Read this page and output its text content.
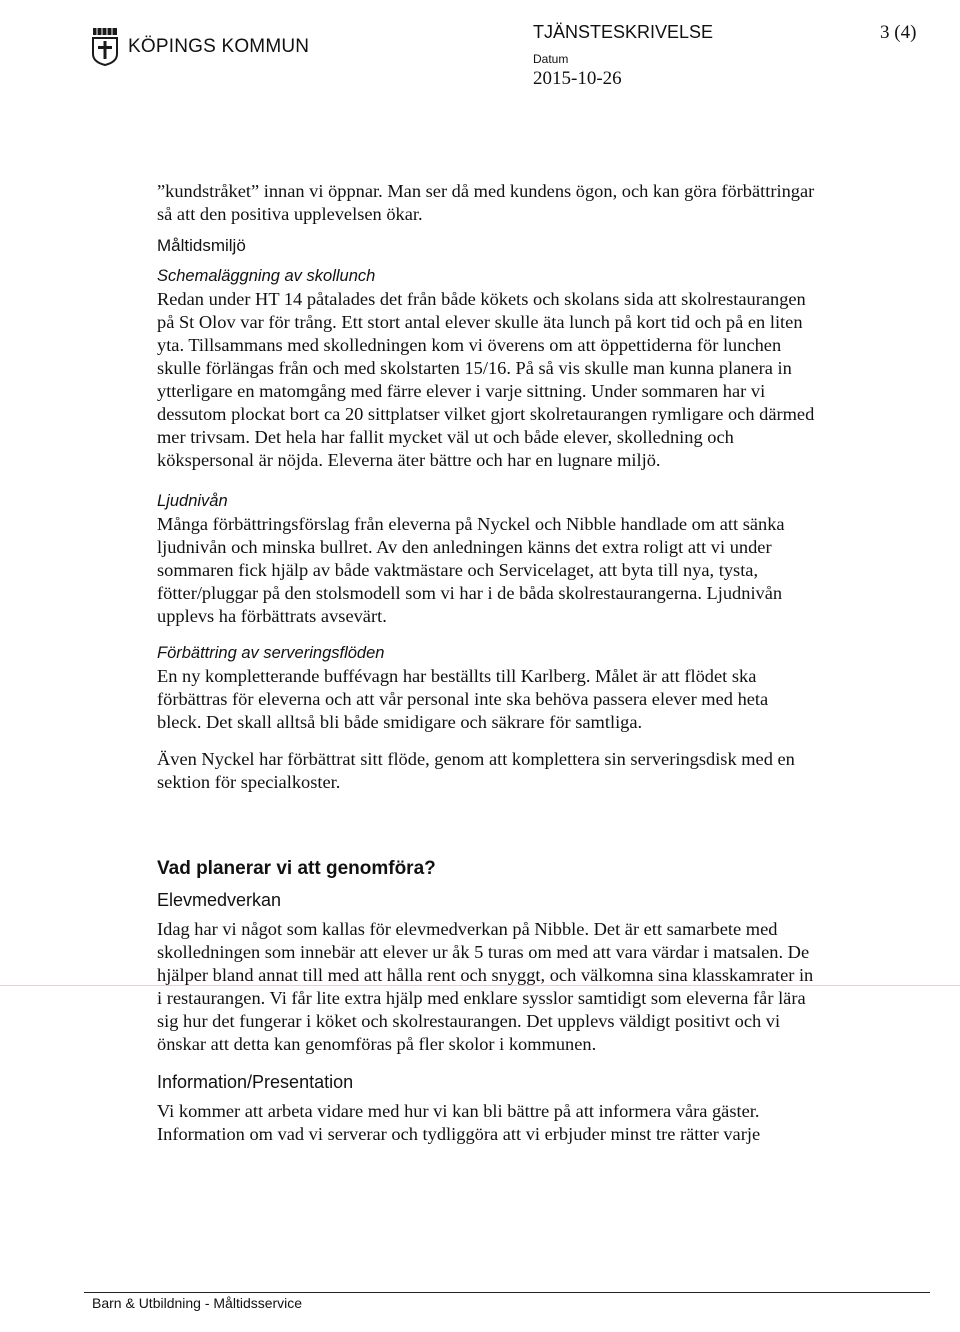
KÖPINGS KOMMUN
TJÄNSTESKRIVELSE
Datum
2015-10-26
3 (4)

”kundstråket” innan vi öppnar. Man ser då med kundens ögon, och kan göra förbättringar så att den positiva upplevelsen ökar.

Måltidsmiljö
Schemaläggning av skollunch

Redan under HT 14 påtalades det från både kökets och skolans sida att skolrestaurangen på St Olov var för trång. Ett stort antal elever skulle äta lunch på kort tid och på en liten yta. Tillsammans med skolledningen kom vi överens om att öppettiderna för lunchen skulle förlängas från och med skolstarten 15/16. På så vis skulle man kunna planera in ytterligare en matomgång med färre elever i varje sittning. Under sommaren har vi dessutom plockat bort ca 20 sittplatser vilket gjort skolretaurangen rymligare och därmed mer trivsam. Det hela har fallit mycket väl ut och både elever, skolledning och kökspersonal är nöjda. Eleverna äter bättre och har en lugnare miljö.

Ljudnivån

Många förbättringsförslag från eleverna på Nyckel och Nibble handlade om att sänka ljudnivån och minska bullret. Av den anledningen känns det extra roligt att vi under sommaren fick hjälp av både vaktmästare och Servicelaget, att byta till nya, tysta, fötter/pluggar på den stolsmodell som vi har i de båda skolrestaurangerna. Ljudnivån upplevs ha förbättrats avsevärt.

Förbättring av serveringsflöden

En ny kompletterande buffévagn har beställts till Karlberg. Målet är att flödet ska förbättras för eleverna och att vår personal inte ska behöva passera elever med heta bleck. Det skall alltså bli både smidigare och säkrare för samtliga.

Även Nyckel har förbättrat sitt flöde, genom att komplettera sin serveringsdisk med en sektion för specialkoster.

Vad planerar vi att genomföra?
Elevmedverkan

Idag har vi något som kallas för elevmedverkan på Nibble. Det är ett samarbete med skolledningen som innebär att elever ur åk 5 turas om med att vara värdar i matsalen. De hjälper bland annat till med att hålla rent och snyggt, och välkomna sina klasskamrater in i restaurangen. Vi får lite extra hjälp med enklare sysslor samtidigt som eleverna får lära sig hur det fungerar i köket och skolrestaurangen. Det upplevs väldigt positivt och vi önskar att detta kan genomföras på fler skolor i kommunen.

Information/Presentation

Vi kommer att arbeta vidare med hur vi kan bli bättre på att informera våra gäster. Information om vad vi serverar och tydliggöra att vi erbjuder minst tre rätter varje

Barn & Utbildning - Måltidsservice
